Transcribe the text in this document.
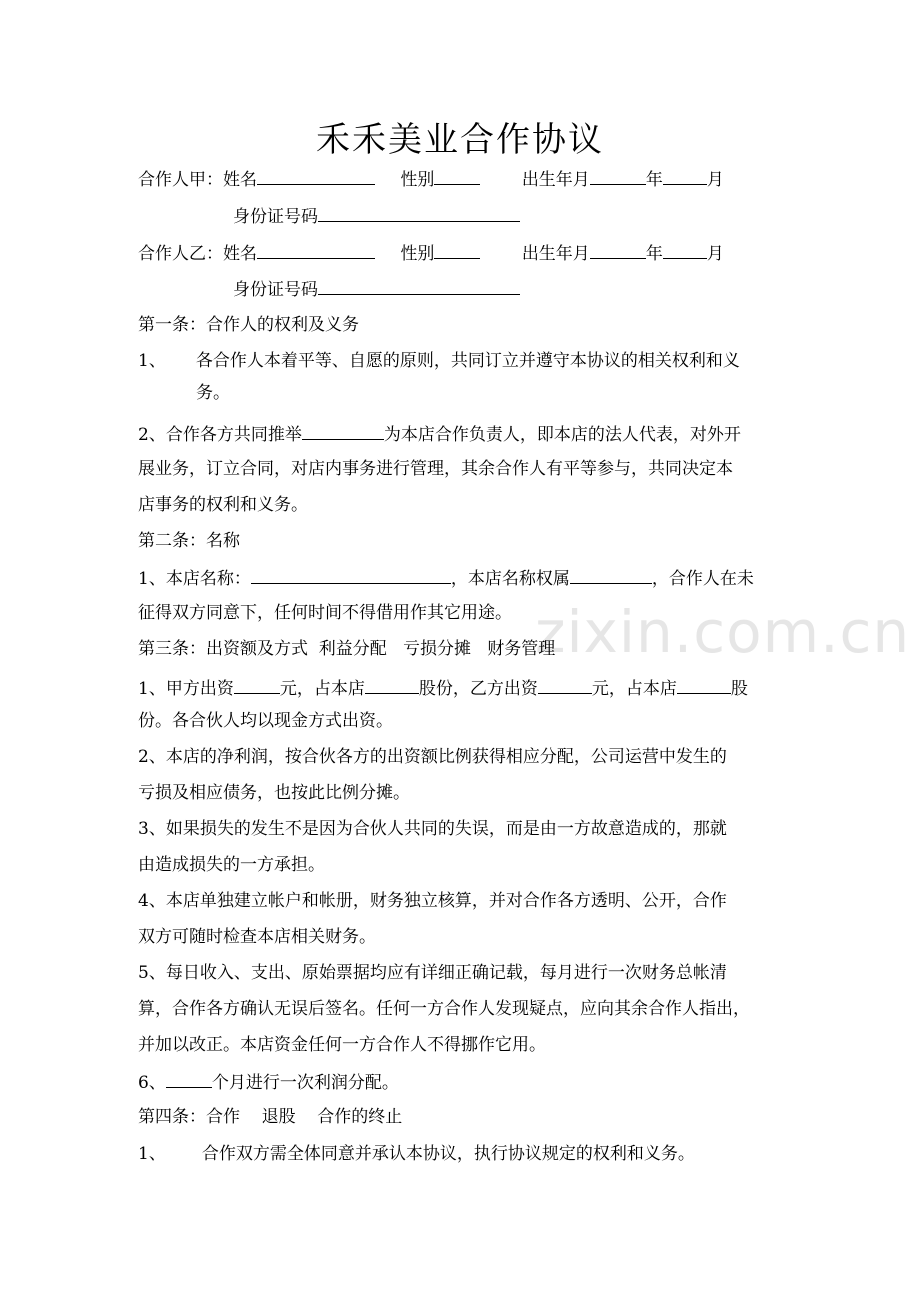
zixin.com.cn
禾禾美业合作协议
合作人甲：姓名	性别	出生年月	年	月
身份证号码
合作人乙：姓名	性别	出生年月	年	月
身份证号码
第一条：合作人的权利及义务
1、 各合作人本着平等、自愿的原则，共同订立并遵守本协议的相关权利和义
务。
2、合作各方共同推举	为本店合作负责人，即本店的法人代表，对外开
展业务，订立合同，对店内事务进行管理，其余合作人有平等参与，共同决定本
店事务的权利和义务。
第二条：名称
1、本店名称：	，本店名称权属	，合作人在未
征得双方同意下，任何时间不得借用作其它用途。
第三条：出资额及方式  利益分配   亏损分摊   财务管理
1、甲方出资	元，占本店	股份，乙方出资	元，占本店	股
份。各合伙人均以现金方式出资。
2、本店的净利润，按合伙各方的出资额比例获得相应分配，公司运营中发生的
亏损及相应债务，也按此比例分摊。
3、如果损失的发生不是因为合伙人共同的失误，而是由一方故意造成的，那就
由造成损失的一方承担。
4、本店单独建立帐户和帐册，财务独立核算，并对合作各方透明、公开，合作
双方可随时检查本店相关财务。
5、每日收入、支出、原始票据均应有详细正确记载，每月进行一次财务总帐清
算，合作各方确认无误后签名。任何一方合作人发现疑点，应向其余合作人指出，
并加以改正。本店资金任何一方合作人不得挪作它用。
6、	个月进行一次利润分配。
第四条：合作    退股    合作的终止
1、 合作双方需全体同意并承认本协议，执行协议规定的权利和义务。
